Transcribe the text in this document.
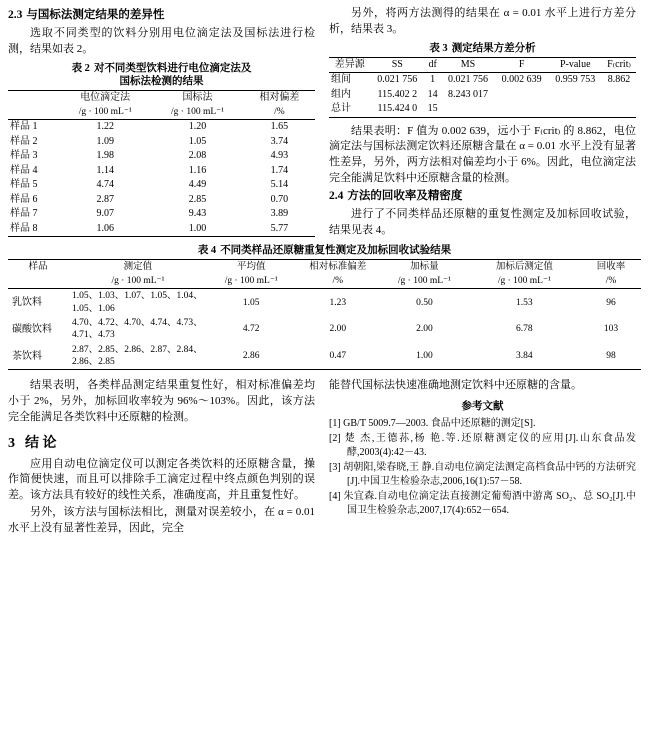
2.3 与国标法测定结果的差异性

选取不同类型的饮料分别用电位滴定法及国标法进行检测，结果如表 2。

表 2 对不同类型饮料进行电位滴定法及
国标法检测的结果
	电位滴定法	国标法	相对偏差
	/g · 100 mL⁻¹	/g · 100 mL⁻¹	/%
样品 1	1.22	1.20	1.65
样品 2	1.09	1.05	3.74
样品 3	1.98	2.08	4.93
样品 4	1.14	1.16	1.74
样品 5	4.74	4.49	5.14
样品 6	2.87	2.85	0.70
样品 7	9.07	9.43	3.89
样品 8	1.06	1.00	5.77

另外，将两方法测得的结果在 α = 0.01 水平上进行方差分析，结果表 3。

表 3 测定结果方差分析
差异源	SS	df	MS	F	P-value	F₍crit₎
组间	0.021 756	1	0.021 756	0.002 639	0.959 753	8.862
组内	115.402 2	14	8.243 017			
总计	115.424 0	15				

结果表明：F 值为 0.002 639，远小于 F₍crit₎ 的 8.862，电位滴定法与国标法测定饮料还原糖含量在 α = 0.01 水平上没有显著性差异，另外，两方法相对偏差均小于 6%。因此，电位滴定法完全能满足饮料中还原糖含量的检测。

2.4 方法的回收率及精密度

进行了不同类样品还原糖的重复性测定及加标回收试验，结果见表 4。

表 4 不同类样品还原糖重复性测定及加标回收试验结果
样品	测定值	平均值	相对标准偏差	加标量	加标后测定值	回收率
	/g · 100 mL⁻¹	/g · 100 mL⁻¹	/%	/g · 100 mL⁻¹	/g · 100 mL⁻¹	/%
乳饮料	1.05、1.03、1.07、1.05、1.04、1.05、1.06	1.05	1.23	0.50	1.53	96
碳酸饮料	4.70、4.72、4.70、4.74、4.73、4.71、4.73	4.72	2.00	2.00	6.78	103
茶饮料	2.87、2.85、2.86、2.87、2.84、2.86、2.85	2.86	0.47	1.00	3.84	98

结果表明，各类样品测定结果重复性好，相对标准偏差均小于 2%，另外，加标回收率较为 96%～103%。因此，该方法完全能满足各类饮料中还原糖的检测。

3 结 论

应用自动电位滴定仪可以测定各类饮料的还原糖含量，操作简便快速，而且可以排除手工滴定过程中终点颜色判别的误差。该方法具有较好的线性关系，准确度高，并且重复性好。

另外，该方法与国标法相比，测量对误差较小，在 α = 0.01 水平上没有显著性差异，因此，完全

能替代国标法快速准确地测定饮料中还原糖的含量。

参考文献

[1] GB/T 5009.7—2003. 食品中还原糖的测定[S].

[2] 楚 杰,王德荪,杨 艳.等.还原糖测定仪的应用[J].山东食品发酵,2003(4):42－43.

[3] 胡朝阳,梁春晓,王 静.自动电位滴定法测定高档食品中钙的方法研究[J].中国卫生检验杂志,2006,16(1):57－58.

[4] 朱宜森.自动电位滴定法直接测定葡萄酒中游离 SO₂、总 SO₂[J].中国卫生检验杂志,2007,17(4):652－654.
